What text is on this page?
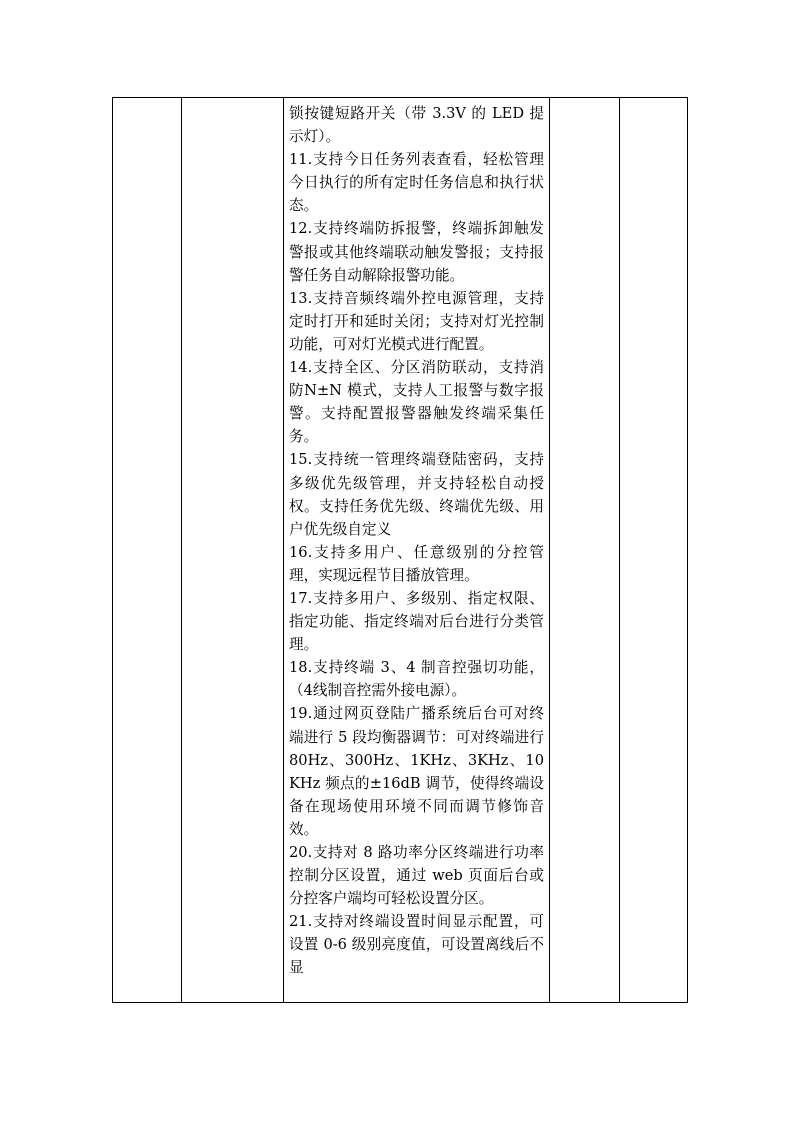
锁按键短路开关（带 3.3V 的 LED 提示灯）。

11.支持今日任务列表查看，轻松管理今日执行的所有定时任务信息和执行状态。

12.支持终端防拆报警，终端拆卸触发警报或其他终端联动触发警报；支持报警任务自动解除报警功能。

13.支持音频终端外控电源管理，支持定时打开和延时关闭；支持对灯光控制功能，可对灯光模式进行配置。

14.支持全区、分区消防联动，支持消防N±N 模式，支持人工报警与数字报警。支持配置报警器触发终端采集任务。

15.支持统一管理终端登陆密码，支持多级优先级管理，并支持轻松自动授权。支持任务优先级、终端优先级、用户优先级自定义

16.支持多用户、任意级别的分控管理，实现远程节目播放管理。

17.支持多用户、多级别、指定权限、指定功能、指定终端对后台进行分类管理。

18.支持终端 3、4 制音控强切功能，（4线制音控需外接电源）。

19.通过网页登陆广播系统后台可对终端进行 5 段均衡器调节：可对终端进行80Hz、300Hz、1KHz、3KHz、10KHz 频点的±16dB 调节，使得终端设备在现场使用环境不同而调节修饰音效。

20.支持对 8 路功率分区终端进行功率控制分区设置，通过 web 页面后台或分控客户端均可轻松设置分区。

21.支持对终端设置时间显示配置，可设置 0-6 级别亮度值，可设置离线后不显
